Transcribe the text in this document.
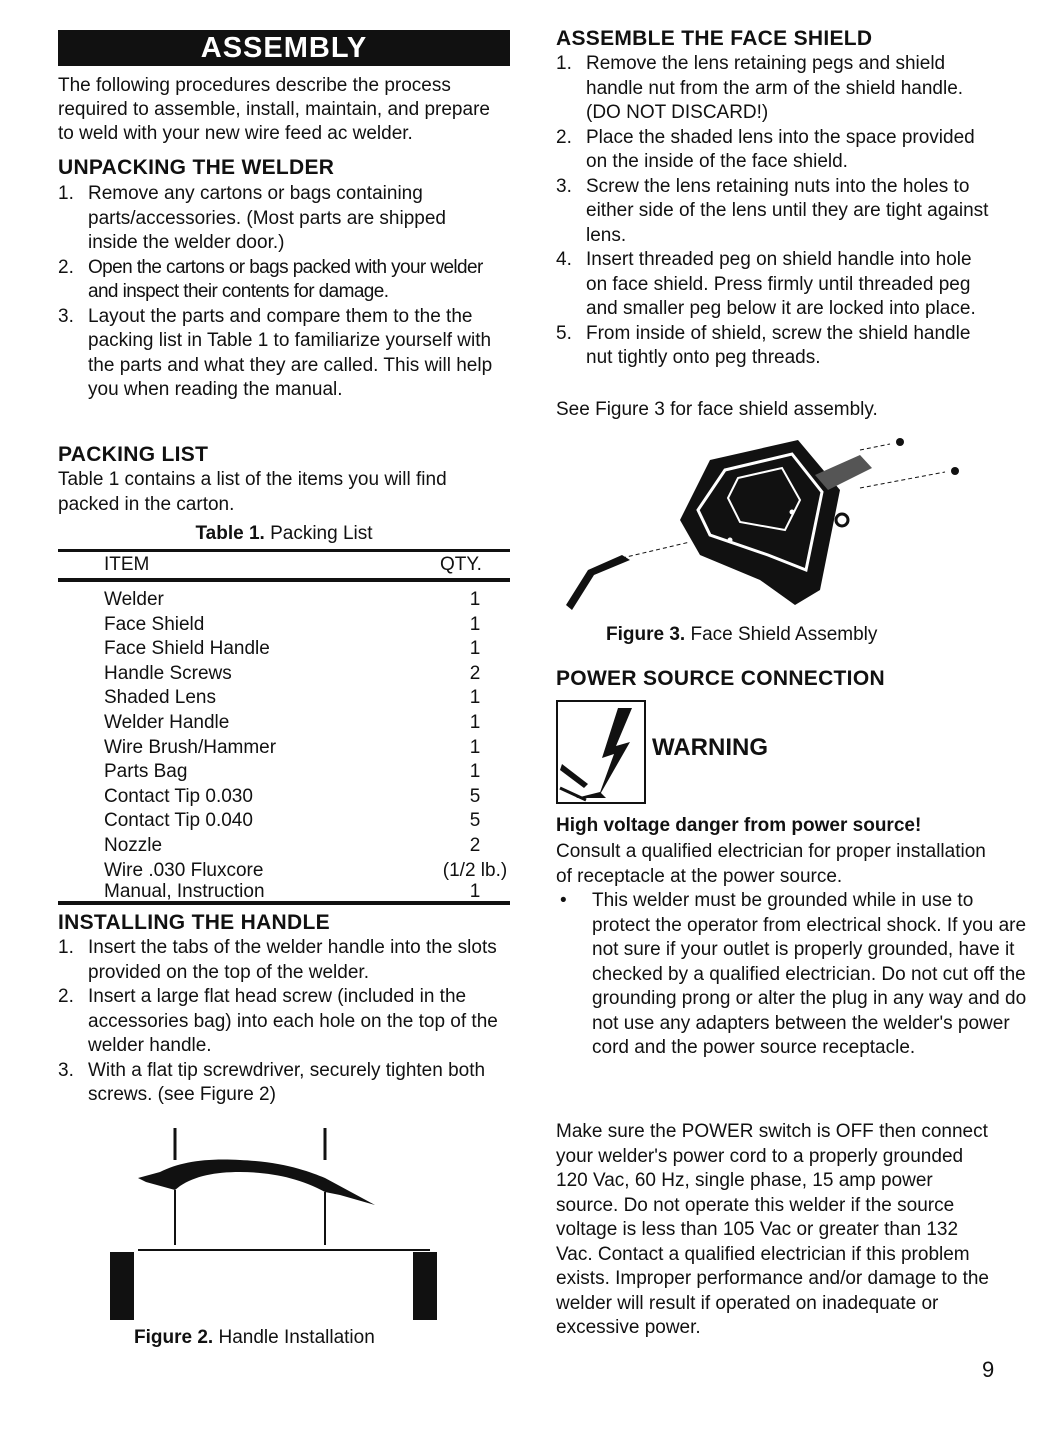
ASSEMBLY

The following procedures describe the process required to assemble, install, maintain, and prepare to weld with your new wire feed ac welder.

UNPACKING THE WELDER
1. Remove any cartons or bags containing parts/accessories. (Most parts are shipped inside the welder door.)
2. Open the cartons or bags packed with your welder and inspect their contents for damage.
3. Layout the parts and compare them to the the packing list in Table 1 to familiarize yourself with the parts and what they are called. This will help you when reading the manual.
PACKING LIST

Table 1 contains a list of the items you will find packed in the carton.

Table 1. Packing List
ITEM	QTY.

Welder	1
Face Shield	1
Face Shield Handle	1
Handle Screws	2
Shaded Lens	1
Welder Handle	1
Wire Brush/Hammer	1
Parts Bag	1
Contact Tip 0.030	5
Contact Tip 0.040	5
Nozzle	2
Wire .030 Fluxcore	(1/2 lb.)
Manual, Instruction	1
INSTALLING THE HANDLE
1. Insert the tabs of the welder handle into the slots provided on the top of the welder.
2. Insert a large flat head screw (included in the accessories bag) into each hole on the top of the welder handle.
3. With a flat tip screwdriver, securely tighten both screws. (see Figure 2)
Figure 2. Handle Installation
ASSEMBLE THE FACE SHIELD
1. Remove the lens retaining pegs and shield handle nut from the arm of the shield handle. (DO NOT DISCARD!)
2. Place the shaded lens into the space provided on the inside of the face shield.
3. Screw the lens retaining nuts into the holes to either side of the lens until they are tight against lens.
4. Insert threaded peg on shield handle into hole on face shield. Press firmly until threaded peg and smaller peg below it are locked into place.
5. From inside of shield, screw the shield handle nut tightly onto peg threads.

See Figure 3 for face shield assembly.

Figure 3. Face Shield Assembly
POWER SOURCE CONNECTION
WARNING
High voltage danger from power source!

Consult a qualified electrician for proper installation of receptacle at the power source.

• This welder must be grounded while in use to protect the operator from electrical shock. If you are not sure if your outlet is properly grounded, have it checked by a qualified electrician. Do not cut off the grounding prong or alter the plug in any way and do not use any adapters between the welder's power cord and the power source receptacle.

Make sure the POWER switch is OFF then connect your welder's power cord to a properly grounded 120 Vac, 60 Hz, single phase, 15 amp power source. Do not operate this welder if the source voltage is less than 105 Vac or greater than 132 Vac. Contact a qualified electrician if this problem exists. Improper performance and/or damage to the welder will result if operated on inadequate or excessive power.

9
